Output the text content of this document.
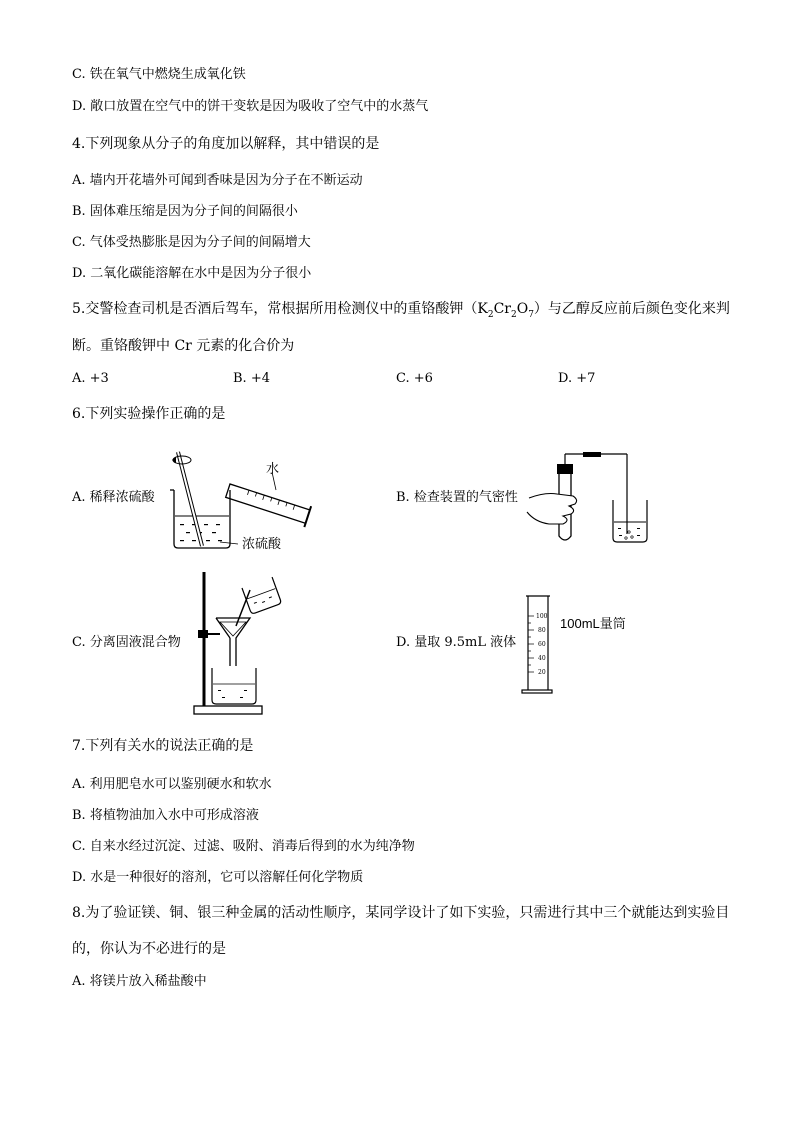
C. 铁在氧气中燃烧生成氧化铁
D. 敞口放置在空气中的饼干变软是因为吸收了空气中的水蒸气
4.下列现象从分子的角度加以解释，其中错误的是
A. 墙内开花墙外可闻到香味是因为分子在不断运动
B. 固体难压缩是因为分子间的间隔很小
C. 气体受热膨胀是因为分子间的间隔增大
D. 二氧化碳能溶解在水中是因为分子很小
5.交警检查司机是否酒后驾车，常根据所用检测仪中的重铬酸钾$(K_2Cr_2O_7)$与乙醇反应前后颜色变化来判
断。重铬酸钾中 Cr 元素的化合价为
A. +3	B. +4	C. +6	D. +7
6.下列实验操作正确的是
A. 稀释浓硫酸
水
浓硫酸
B. 检查装置的气密性
C. 分离固液混合物	D. 量取 9.5mL 液体
100
80
60
40
20
100mL量筒
7.下列有关水的说法正确的是
A. 利用肥皂水可以鉴别硬水和软水
B. 将植物油加入水中可形成溶液
C. 自来水经过沉淀、过滤、吸附、消毒后得到的水为纯净物
D. 水是一种很好的溶剂，它可以溶解任何化学物质
8.为了验证镁、铜、银三种金属的活动性顺序，某同学设计了如下实验，只需进行其中三个就能达到实验目
的，你认为不必进行的是
A. 将镁片放入稀盐酸中
